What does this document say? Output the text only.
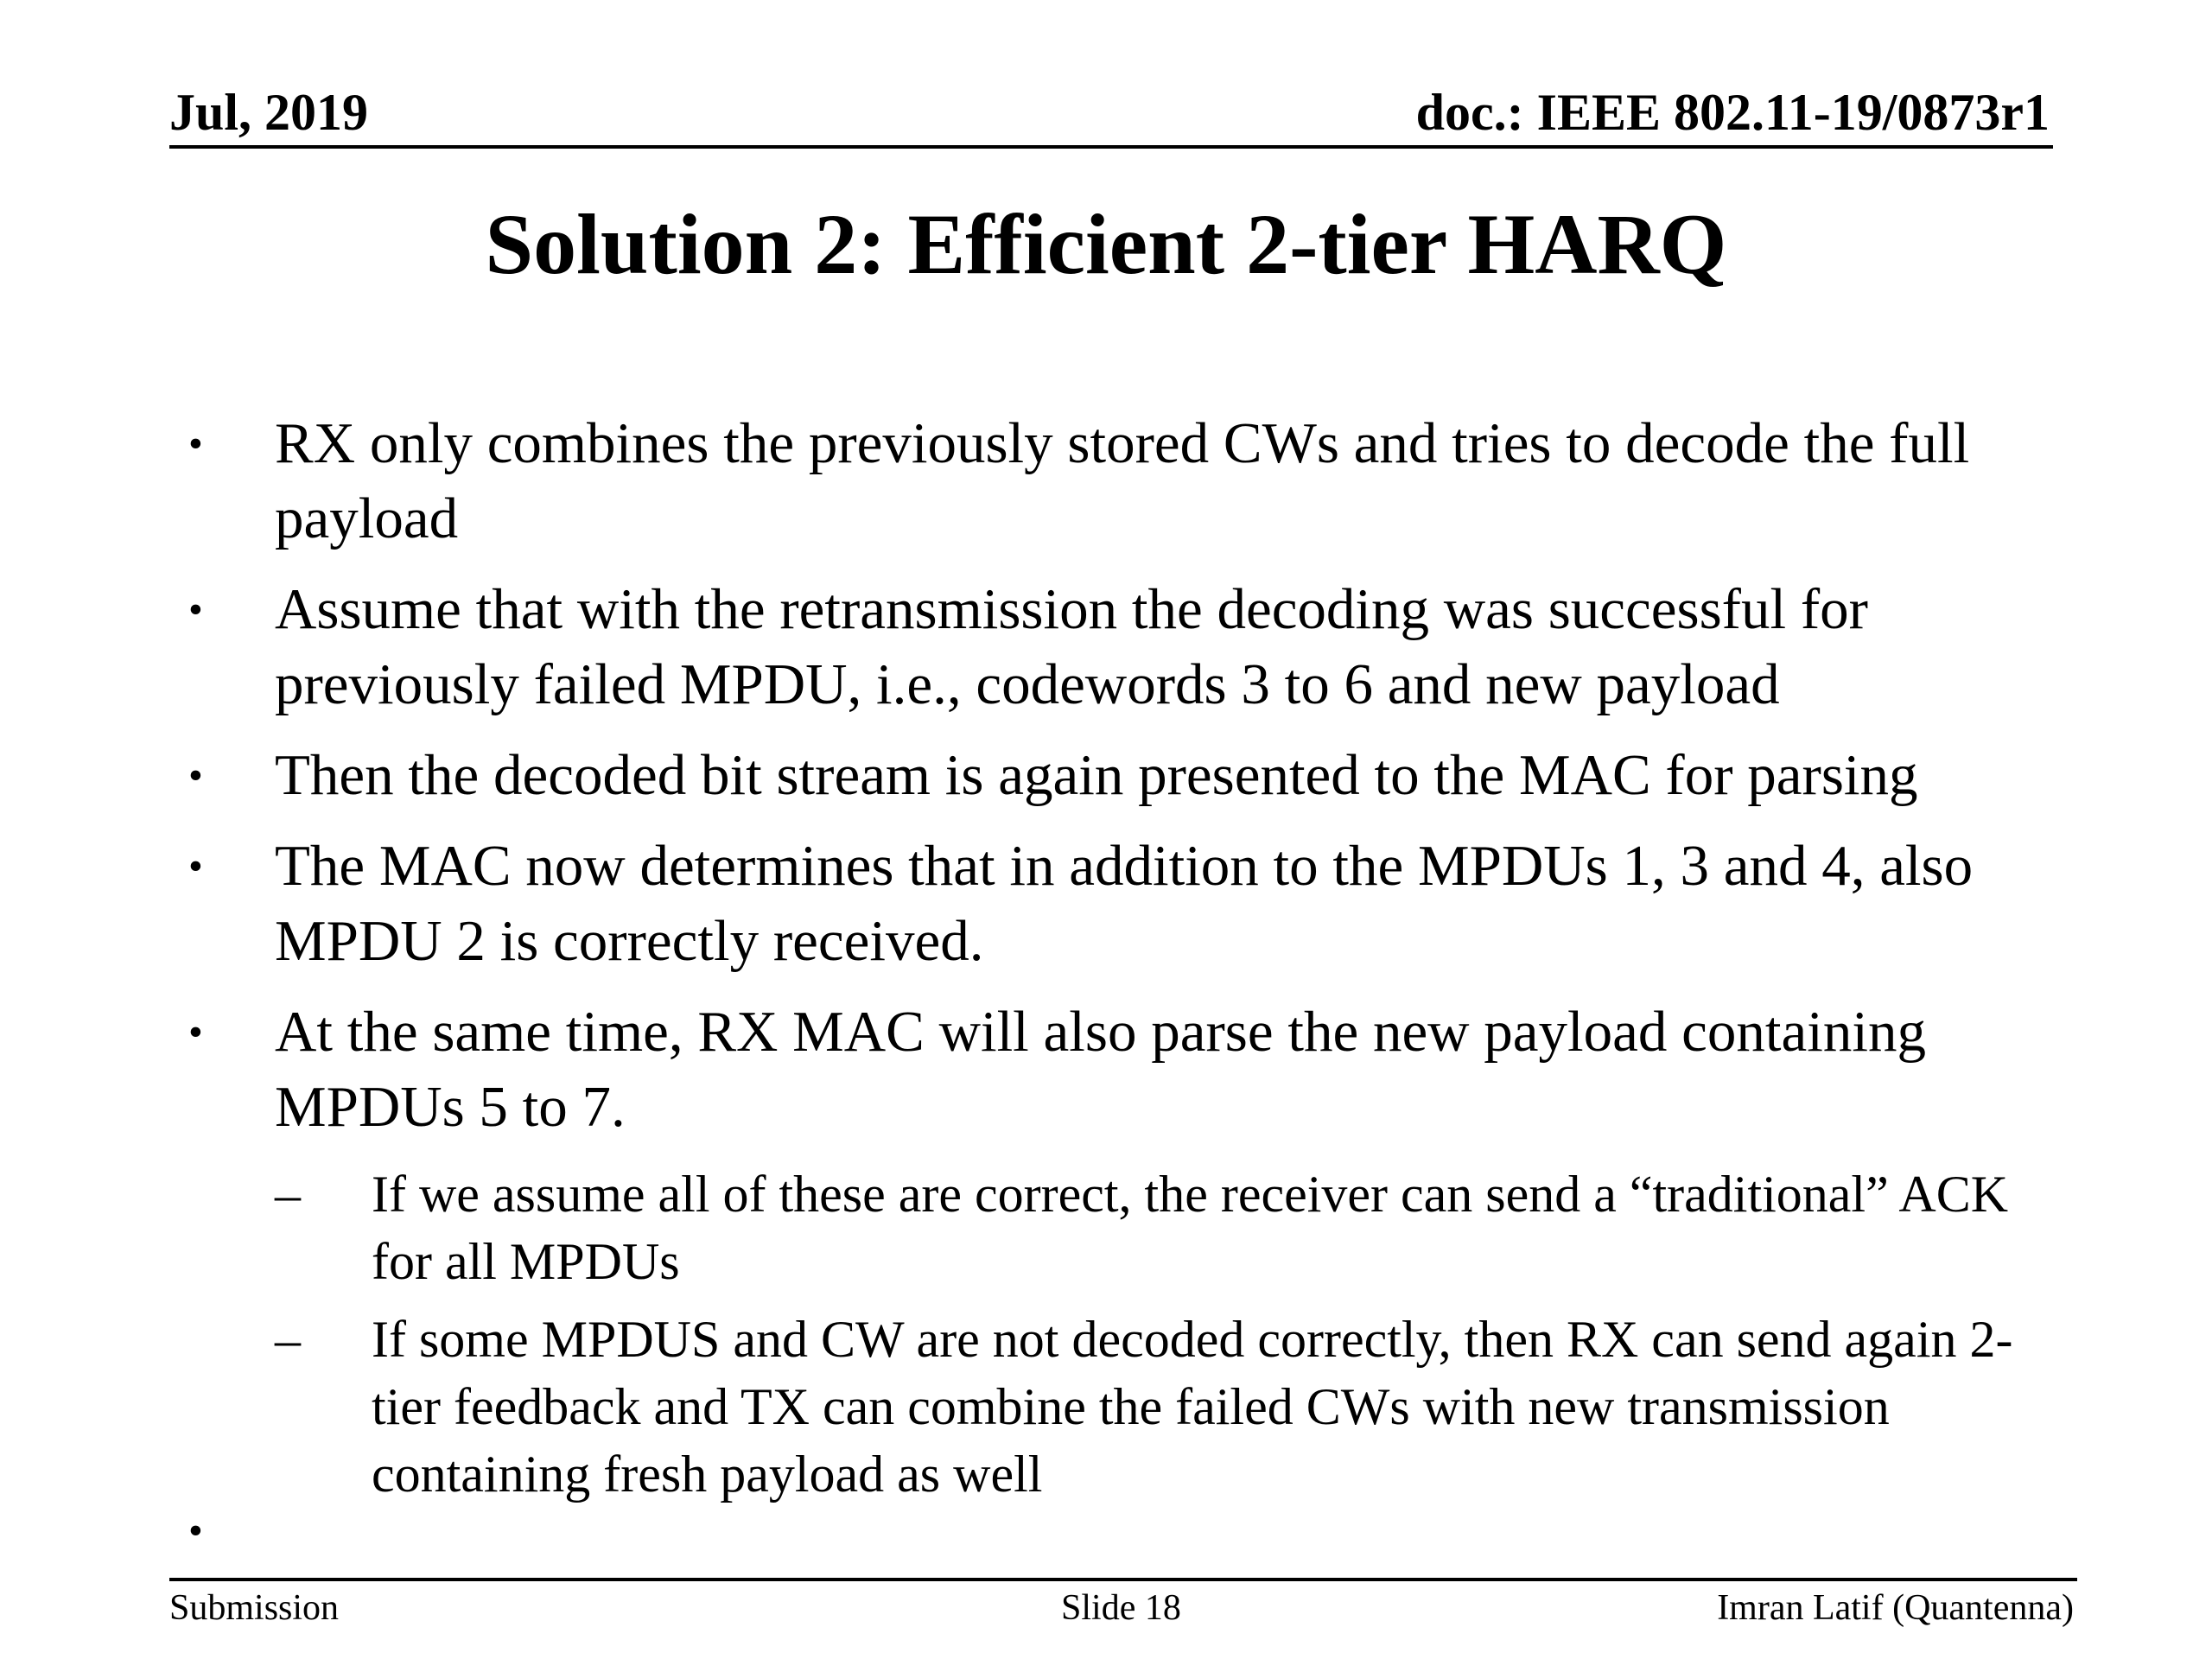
Jul, 2019	doc.: IEEE 802.11-19/0873r1
Solution 2: Efficient 2-tier HARQ
• RX only combines the previously stored CWs and tries to decode the full payload
• Assume that with the retransmission the decoding was successful for previously failed MPDU, i.e., codewords 3 to 6 and new payload
• Then the decoded bit stream is again presented to the MAC for parsing
• The MAC now determines that in addition to the MPDUs 1, 3 and 4, also MPDU 2 is correctly received.
• At the same time, RX MAC will also parse the new payload containing MPDUs 5 to 7.
– If we assume all of these are correct, the receiver can send a “traditional” ACK for all MPDUs
– If some MPDUS and CW are not decoded correctly, then RX can send again 2-tier feedback and TX can combine the failed CWs with new transmission containing fresh payload as well
•
Submission	Slide 18	Imran Latif (Quantenna)
